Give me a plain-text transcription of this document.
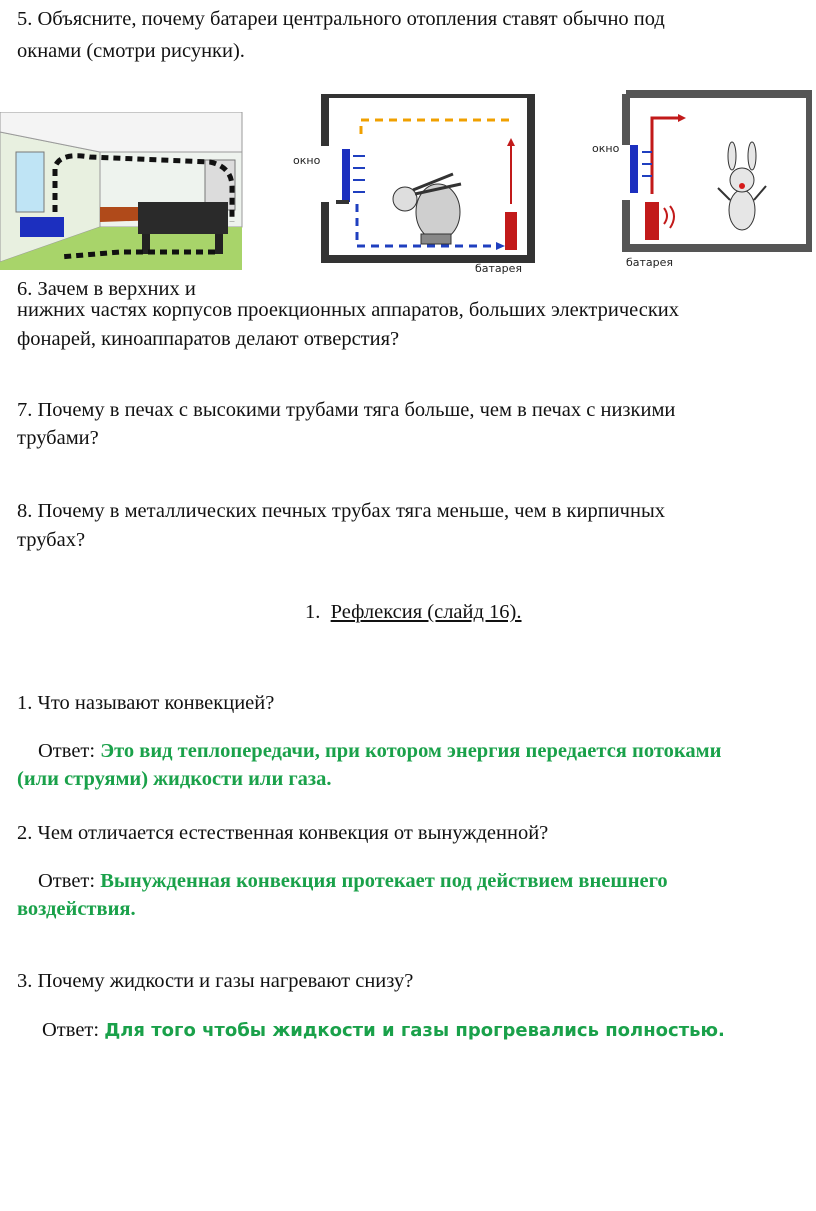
5. Объясните, почему батареи центрального отопления ставят обычно под
окнами (смотри рисунки).
окно
батарея
окно
батарея
6. Зачем в верхних и
нижних частях корпусов проекционных аппаратов, больших электрических
фонарей, киноаппаратов делают отверстия?
7. Почему в печах с высокими трубами тяга больше, чем в печах с низкими
трубами?
8. Почему в металлических печных трубах тяга меньше, чем в кирпичных
трубах?
1. Рефлексия (слайд 16).
1. Что называют конвекцией?
Ответ: Это вид теплопередачи, при котором энергия передается потоками
(или струями) жидкости или газа.
2. Чем отличается естественная конвекция от вынужденной?
Ответ: Вынужденная конвекция протекает под действием внешнего
воздействия.
3. Почему жидкости и газы нагревают снизу?
Ответ: Для того чтобы жидкости и газы прогревались полностью.
